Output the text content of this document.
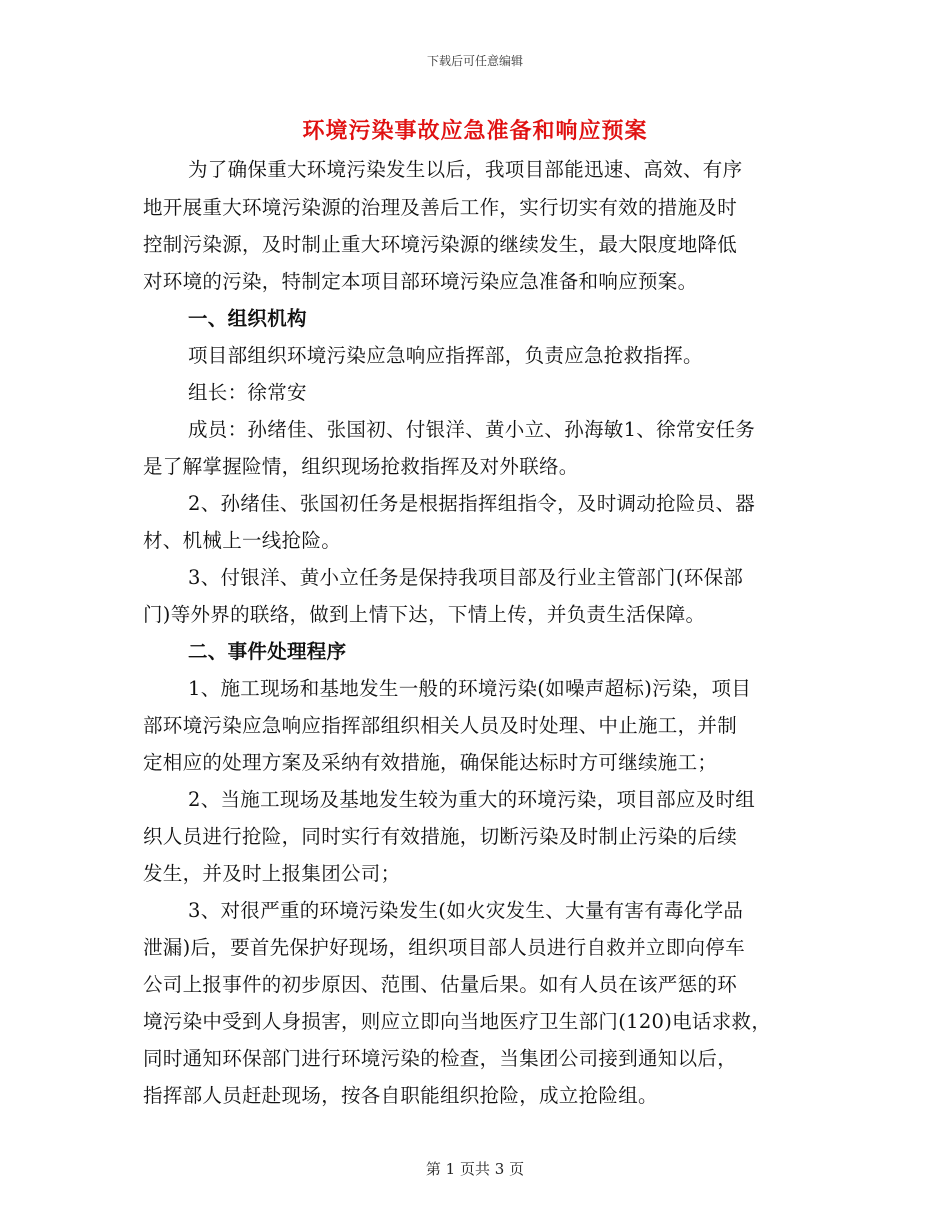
下载后可任意编辑
环境污染事故应急准备和响应预案
为了确保重大环境污染发生以后，我项目部能迅速、高效、有序
地开展重大环境污染源的治理及善后工作，实行切实有效的措施及时
控制污染源，及时制止重大环境污染源的继续发生，最大限度地降低
对环境的污染，特制定本项目部环境污染应急准备和响应预案。
一、组织机构
项目部组织环境污染应急响应指挥部，负责应急抢救指挥。
组长：徐常安
成员：孙绪佳、张国初、付银洋、黄小立、孙海敏1、徐常安任务
是了解掌握险情，组织现场抢救指挥及对外联络。
2、孙绪佳、张国初任务是根据指挥组指令，及时调动抢险员、器
材、机械上一线抢险。
3、付银洋、黄小立任务是保持我项目部及行业主管部门(环保部
门)等外界的联络，做到上情下达，下情上传，并负责生活保障。
二、事件处理程序
1、施工现场和基地发生一般的环境污染(如噪声超标)污染，项目
部环境污染应急响应指挥部组织相关人员及时处理、中止施工，并制
定相应的处理方案及采纳有效措施，确保能达标时方可继续施工；
2、当施工现场及基地发生较为重大的环境污染，项目部应及时组
织人员进行抢险，同时实行有效措施，切断污染及时制止污染的后续
发生，并及时上报集团公司；
3、对很严重的环境污染发生(如火灾发生、大量有害有毒化学品
泄漏)后，要首先保护好现场，组织项目部人员进行自救并立即向停车
公司上报事件的初步原因、范围、估量后果。如有人员在该严惩的环
境污染中受到人身损害，则应立即向当地医疗卫生部门(120)电话求救，
同时通知环保部门进行环境污染的检查，当集团公司接到通知以后，
指挥部人员赶赴现场，按各自职能组织抢险，成立抢险组。
第 1 页共 3 页
